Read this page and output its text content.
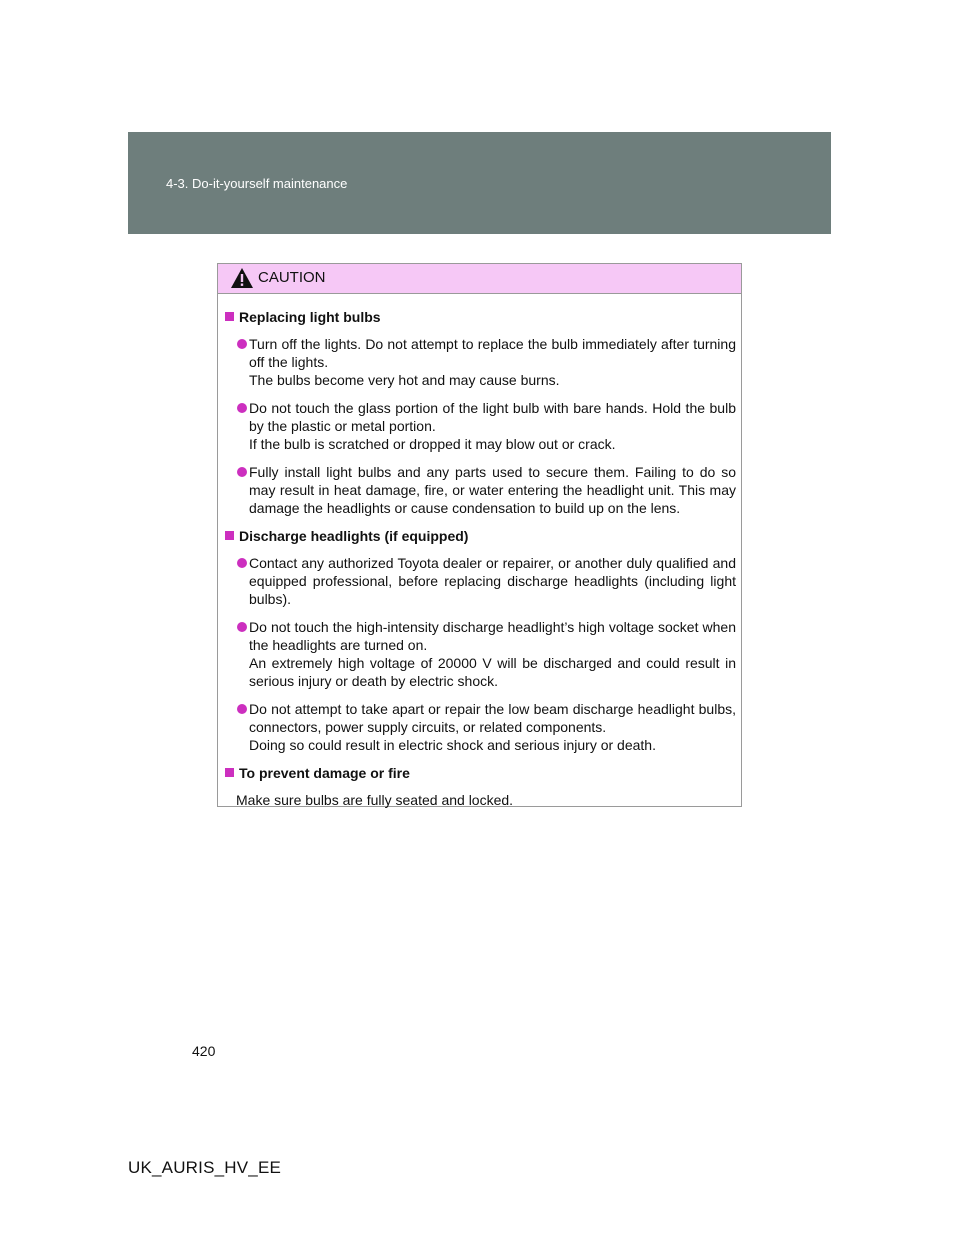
4-3. Do-it-yourself maintenance
CAUTION
Replacing light bulbs

Turn off the lights. Do not attempt to replace the bulb immediately after turning off the lights.

The bulbs become very hot and may cause burns.

Do not touch the glass portion of the light bulb with bare hands. Hold the bulb by the plastic or metal portion.

If the bulb is scratched or dropped it may blow out or crack.

Fully install light bulbs and any parts used to secure them. Failing to do so may result in heat damage, fire, or water entering the headlight unit. This may damage the headlights or cause condensation to build up on the lens.

Discharge headlights (if equipped)

Contact any authorized Toyota dealer or repairer, or another duly qualified and equipped professional, before replacing discharge headlights (including light bulbs).

Do not touch the high-intensity discharge headlight’s high voltage socket when the headlights are turned on.

An extremely high voltage of 20000 V will be discharged and could result in serious injury or death by electric shock.

Do not attempt to take apart or repair the low beam discharge headlight bulbs, connectors, power supply circuits, or related components.

Doing so could result in electric shock and serious injury or death.

To prevent damage or fire
Make sure bulbs are fully seated and locked.
420
UK_AURIS_HV_EE
